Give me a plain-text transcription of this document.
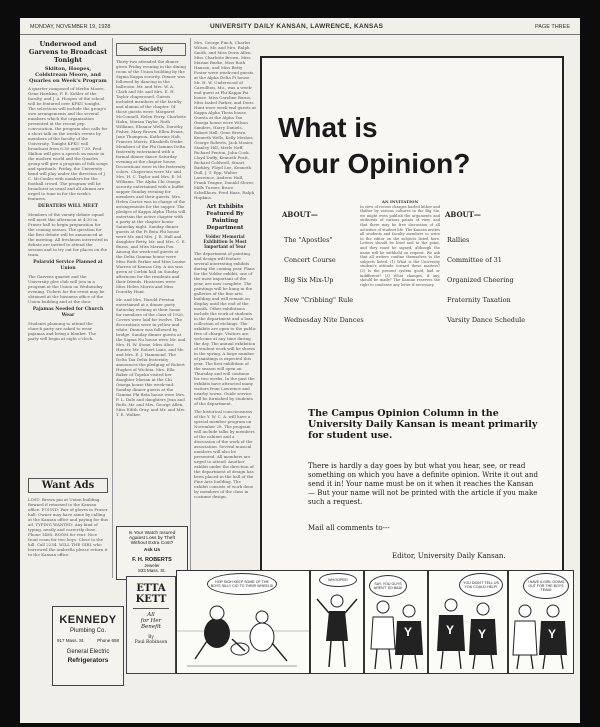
MONDAY, NOVEMBER 19, 1928	UNIVERSITY DAILY KANSAN, LAWRENCE, KANSAS	PAGE THREE
Underwood and Garvens to Broadcast Tonight
Skilton, Hoopes, Coldstream Moore, and Quarles on Week's Program
A quarter composed of Merlin Moore, Gene Hawkins, F. E. Kohler of the faculty, and J. A. Hoopes of the school will be featured over KFKU tonight. The selections will include the group's own arrangements and the several numbers which the organization presented at the recent pep convocation, the program also calls for a short talk on the week's events by members of the faculty of the University. Tonight KFKU will broadcast from 6:30 until 7:30. Prof. Skilton will give a speech on music in the modern world and the Quarles group will give a program of folk songs and spirituals. Friday, the University band will play under the direction of J. C. McCanles with numbers for the football crowd. The program will be broadcast as usual and all alumni are urged to tune in for the week's features.
DEBATERS WILL MEET
Members of the varsity debate squad will meet this afternoon at 4:30 in Fraser hall to begin preparation for the coming season. The question for the first debate will be announced at the meeting. All freshmen interested in debate are invited to attend the session and to try out for places on the team.
Polaroid Service Planned at Union
The Garvens quartet and the University glee club will join in a program at the Union on Wednesday evening. Tickets for the event may be obtained at the business office of the Union building and at the door.
Pajamas Needed for Church Wear
Students planning to attend the church party are asked to wear pajamas and bring a blanket. The party will begin at eight o'clock.
Want Ads
LOST: Brown pin at Union building. Reward if returned to the Kansan office. FOUND: Pair of gloves in Fraser hall. Owner may have same by calling at the Kansan office and paying for this ad. TYPING WANTED: Any kind of typing, neatly and correctly done. Phone 1488. ROOM for rent: Nice front room for two boys. Close to the hill. Call 2254. WILL THE GIRL who borrowed the umbrella please return it to the Kansan office.
KENNEDY
Plumbing Co.
917 Mass. St.	Phone 658
General Electric
Refrigerators
Society
Thirty-two attended the dinner given Friday evening in the dining room of the Union building by the Sigma Kappa sorority. Dinner was followed by dancing in the ballroom. Mr. and Mrs. W. A. Clark and Mr. and Mrs. E. H. Taylor chaperoned. Guests included members of the faculty and alumni of the chapter. Of those guests were: Margaret McConnell, Helen Perry, Charlotte Hahn, Marian Taylor, Ruth Williams, Eleanor Wells, Dorothy Fisher, Mary Brown, Ellen Evans, Jane Thompson, Katherine Holt, Frances Morris, Elizabeth Drake. Members of the Phi Gamma Delta fraternity entertained with a formal dinner dance Saturday evening at the chapter house. Decorations were in the fraternity colors. Chaperons were Mr. and Mrs. H. C. Taylor and Mrs. E. M. Williams. The Alpha Chi Omega sorority entertained with a buffet supper Sunday evening for members and their guests. Mrs. Helen Carter was in charge of the arrangements for the supper. The pledges of Kappa Alpha Theta will entertain the active chapter with a party at the chapter house Saturday night. Sunday dinner guests at the Pi Beta Phi house were Mr. and Mrs. J. R. Hall and daughter Betty, Mr. and Mrs. C. E. Burns, and Miss Marian Fox. Among the week-end guests at the Delta Gamma house were Miss Ruth Parker and Miss Louise Warren of Kansas City. A tea was given at Corbin hall on Sunday afternoon for the residents and their friends. Hostesses were Miss Helen Morris and Miss Dorothy Hunt.
Mr. and Mrs. Harold Preston entertained at a dinner party Saturday evening at their home for members of the class of 1926. Covers were laid for twelve. The decorations were in yellow and white. Dinner was followed by bridge. Sunday dinner guests at the Sigma Nu house were Mr. and Mrs. H. W. Stone, Miss Alice Hunter, Mr. Robert Lane, and Mr. and Mrs. E. J. Hammond. The Delta Tau Delta fraternity announces the pledging of Robert Hughes of Wichita. Mrs. Ella Baker of Topeka visited her daughter Marian at the Chi Omega house this week-end. Sunday dinner guests at the Gamma Phi Beta house were Mrs. F. L. Dale and daughters Jean and Ruth, Mr. and Mrs. George Allen, Miss Edith Gray, and Mr. and Mrs. T. E. Walker.
Is Your Watch Insured
Against Loss by Theft
Without Extra Cost?
Ask Us
F. H. ROBERTS
Jeweler
833 Mass. St.
Mrs. George Finch, Charles Wilson, Mr. and Mrs. Ralph Smith, and Miss Doris Allen. Miss Charlotte Brown, Miss Marian Burke, Miss Ruth Hanson, and Miss Betty Foster were week-end guests at the Alpha Delta Pi house. Mr. H. W. Underwood of Carrollton, Mo., was a week-end guest at Phi Kappa Psi house. Miss Caroline Burns, Miss Isabel Parker, and Doris Hunt were week-end guests at Kappa Alpha Theta house. Guests at the Alpha Tau Omega house were Wilson Sanders, Harry Daniels, Robert Hall, Gene Brown, Kenneth Wells, Kelly Mosher, George Roberts, Jack Mosier, Stanley Hill, Merle Neff, Richard Fenton, John Cook, Lloyd Duffy, Kenneth Pratt, Richard Coldwell, Stuart Barkley, Floyd Lee, Kenneth Dull, J. T. Epp, Walter Lawrence, Andrew Hull, Frank Teague, Donald Slover, Mills Turner, Bruce Schellhorn, Fred Haas, Ralph Hopkins.
Art Exhibits Featured By Painting Department
Volder Memorial Exhibition Is Most Important of Year
The department of painting and design will feature several interesting exhibits during the coming year. Plans for the Volder exhibit, one of the most important of the year, are now complete. The paintings will be hung in the galleries of the fine arts building and will remain on display until the end of the month. Other exhibitions include the work of students in the department and a loan collection of etchings. The exhibits are open to the public free of charge. Visitors are welcome at any time during the day. The annual exhibition of student work will be shown in the spring. A large number of paintings is expected this year. The first exhibition of the season will open on Thursday and will continue for two weeks. In the past the exhibits have attracted many visitors from Lawrence and nearby towns. Guide service will be furnished by students of the department.
The historical consciousness of the Y. W. C. A. will have a special member program on November 28. The program will include talks by members of the cabinet and a discussion of the work of the association. Several musical numbers will also be presented. All members are urged to attend. Another exhibit under the direction of the department of design has been placed in the hall of the Fine Arts building. The exhibit consists of work done by members of the class in costume design.
What is
Your Opinion?
ABOUT—	ABOUT—
The "Apostles"
Concert Course
Big Six Mix-Up
New "Cribbing" Rule
Wednesday Nite Dances
AN INVITATION
In view of recent charges hurled hither and thither by various cultures in the Big Six, we might even publish the arguments and outbursts of various points of view, and that there may be free discussion of all activities of student life. The Kansan invites all students and faculty members to write to the editor on the subjects listed here. Letters should be brief and to the point, and they must be signed, although the name will be withheld on request. We ask that all writers confine themselves to the subjects listed. (1) What is the University student's attitude toward these matters? (2) Is the present system good, bad or indifferent? (3) What changes, if any, should be made? The Kansan reserves the right to condense any letter if necessary.
Rallies
Committee of 31
Organized Cheering
Fraternity Taxation
Varsity Dance Schedule
The Campus Opinion Column in the University Daily Kansan is meant primarily for student use.
There is hardly a day goes by but what you hear, see, or read something on which you have a definite opinion. Write it out and send it in! Your name must be on it when it reaches the Kansan — But your name will not be printed with the article if you make such a request.
Mail all comments to---
Editor, University Daily Kansan.
ETTA
KETT
All
for Her
Benefit
By
Paul Robinson
HOP SIGH KEEP SOME OF THE BOYS SILLY CIO TO THEIR WHEELS!
WHOOPEE!
SAY, YOU GUYS AREN'T SO BAD!
Y
YOU DIDN'T TELL US YOU COULD HELP!
Y Y
I HAVE A GIRL GOING OUT FOR THE BOYS TEAM!
Y
